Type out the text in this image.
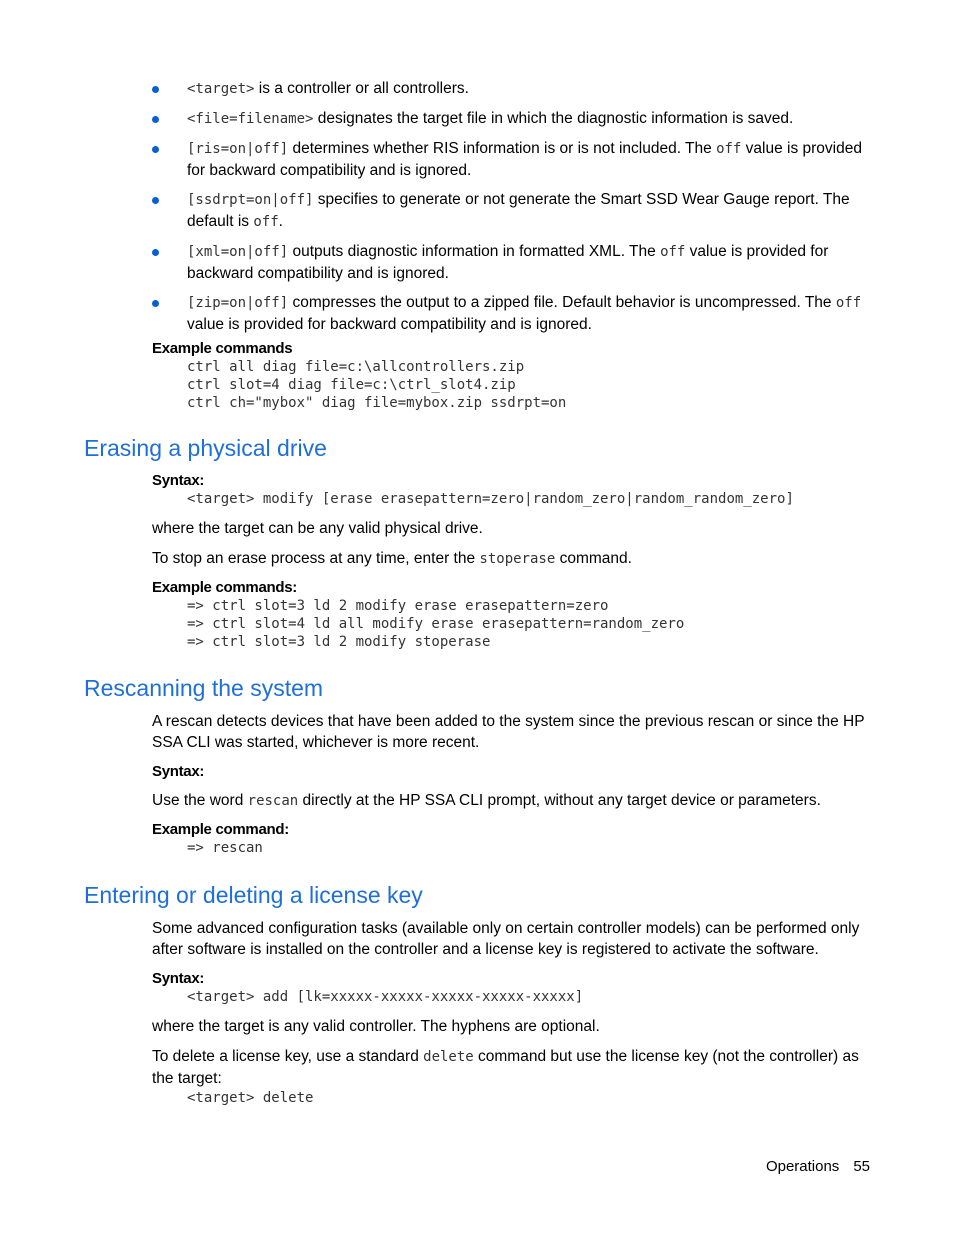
<target> is a controller or all controllers.
<file=filename> designates the target file in which the diagnostic information is saved.
[ris=on|off] determines whether RIS information is or is not included. The off value is provided for backward compatibility and is ignored.
[ssdrpt=on|off] specifies to generate or not generate the Smart SSD Wear Gauge report. The default is off.
[xml=on|off] outputs diagnostic information in formatted XML. The off value is provided for backward compatibility and is ignored.
[zip=on|off] compresses the output to a zipped file. Default behavior is uncompressed. The off value is provided for backward compatibility and is ignored.
Example commands
ctrl all diag file=c:\allcontrollers.zip
ctrl slot=4 diag file=c:\ctrl_slot4.zip
ctrl ch="mybox" diag file=mybox.zip ssdrpt=on
Erasing a physical drive
Syntax:
<target> modify [erase erasepattern=zero|random_zero|random_random_zero]

where the target can be any valid physical drive.

To stop an erase process at any time, enter the stoperase command.

Example commands:
=> ctrl slot=3 ld 2 modify erase erasepattern=zero
=> ctrl slot=4 ld all modify erase erasepattern=random_zero
=> ctrl slot=3 ld 2 modify stoperase
Rescanning the system

A rescan detects devices that have been added to the system since the previous rescan or since the HP SSA CLI was started, whichever is more recent.

Syntax:

Use the word rescan directly at the HP SSA CLI prompt, without any target device or parameters.

Example command:
=> rescan
Entering or deleting a license key

Some advanced configuration tasks (available only on certain controller models) can be performed only after software is installed on the controller and a license key is registered to activate the software.

Syntax:
<target> add [lk=xxxxx-xxxxx-xxxxx-xxxxx-xxxxx]

where the target is any valid controller. The hyphens are optional.

To delete a license key, use a standard delete command but use the license key (not the controller) as the target:

<target> delete
Operations 55
